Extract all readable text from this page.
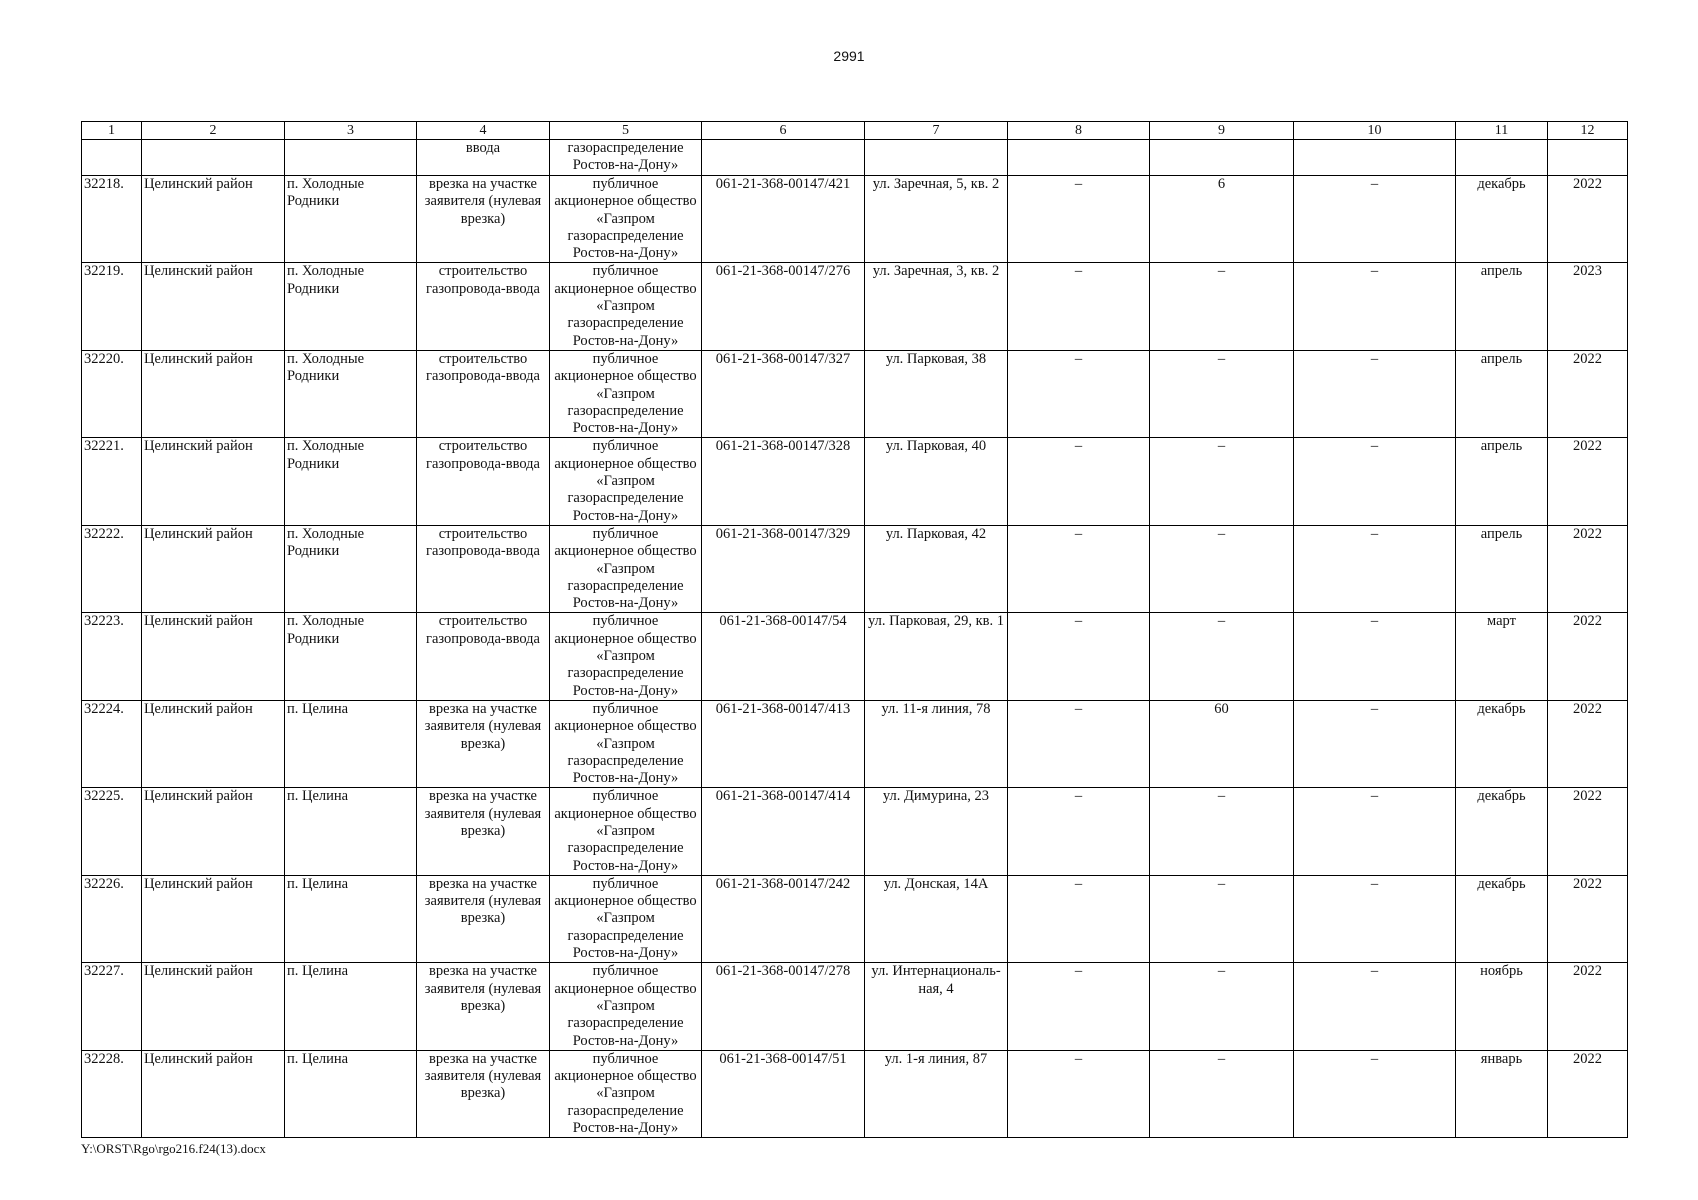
2991
1	2	3	4	5	6	7	8	9	10	11	12
			ввода	газораспределение Ростов-на-Дону»							
32218.	Целинский район	п. Холодные Родники	врезка на участке заявителя (нулевая врезка)	публичное акционерное общество «Газпром газораспределение Ростов-на-Дону»	061-21-368-00147/421	ул. Заречная, 5, кв. 2	–	6	–	декабрь	2022
32219.	Целинский район	п. Холодные Родники	строительство газопровода-ввода	публичное акционерное общество «Газпром газораспределение Ростов-на-Дону»	061-21-368-00147/276	ул. Заречная, 3, кв. 2	–	–	–	апрель	2023
32220.	Целинский район	п. Холодные Родники	строительство газопровода-ввода	публичное акционерное общество «Газпром газораспределение Ростов-на-Дону»	061-21-368-00147/327	ул. Парковая, 38	–	–	–	апрель	2022
32221.	Целинский район	п. Холодные Родники	строительство газопровода-ввода	публичное акционерное общество «Газпром газораспределение Ростов-на-Дону»	061-21-368-00147/328	ул. Парковая, 40	–	–	–	апрель	2022
32222.	Целинский район	п. Холодные Родники	строительство газопровода-ввода	публичное акционерное общество «Газпром газораспределение Ростов-на-Дону»	061-21-368-00147/329	ул. Парковая, 42	–	–	–	апрель	2022
32223.	Целинский район	п. Холодные Родники	строительство газопровода-ввода	публичное акционерное общество «Газпром газораспределение Ростов-на-Дону»	061-21-368-00147/54	ул. Парковая, 29, кв. 1	–	–	–	март	2022
32224.	Целинский район	п. Целина	врезка на участке заявителя (нулевая врезка)	публичное акционерное общество «Газпром газораспределение Ростов-на-Дону»	061-21-368-00147/413	ул. 11-я линия, 78	–	60	–	декабрь	2022
32225.	Целинский район	п. Целина	врезка на участке заявителя (нулевая врезка)	публичное акционерное общество «Газпром газораспределение Ростов-на-Дону»	061-21-368-00147/414	ул. Димурина, 23	–	–	–	декабрь	2022
32226.	Целинский район	п. Целина	врезка на участке заявителя (нулевая врезка)	публичное акционерное общество «Газпром газораспределение Ростов-на-Дону»	061-21-368-00147/242	ул. Донская, 14А	–	–	–	декабрь	2022
32227.	Целинский район	п. Целина	врезка на участке заявителя (нулевая врезка)	публичное акционерное общество «Газпром газораспределение Ростов-на-Дону»	061-21-368-00147/278	ул. Интернациональ-ная, 4	–	–	–	ноябрь	2022
32228.	Целинский район	п. Целина	врезка на участке заявителя (нулевая врезка)	публичное акционерное общество «Газпром газораспределение Ростов-на-Дону»	061-21-368-00147/51	ул. 1-я линия, 87	–	–	–	январь	2022
Y:\ORST\Rgo\rgo216.f24(13).docx
